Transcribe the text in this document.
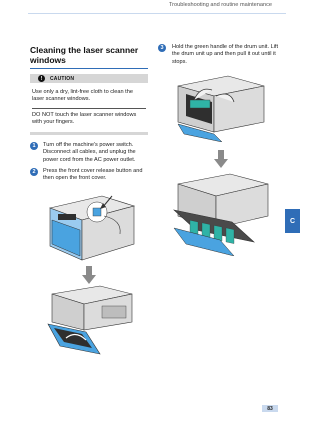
Troubleshooting and routine maintenance
Cleaning the laser scanner windows
!	CAUTION
Use only a dry, lint-free cloth to clean the laser scanner windows.
DO NOT touch the laser scanner windows with your fingers.
1	Turn off the machine's power switch. Disconnect all cables, and unplug the power cord from the AC power outlet.
2	Press the front cover release button and then open the front cover.
3	Hold the green handle of the drum unit. Lift the drum unit up and then pull it out until it stops.
C
83
